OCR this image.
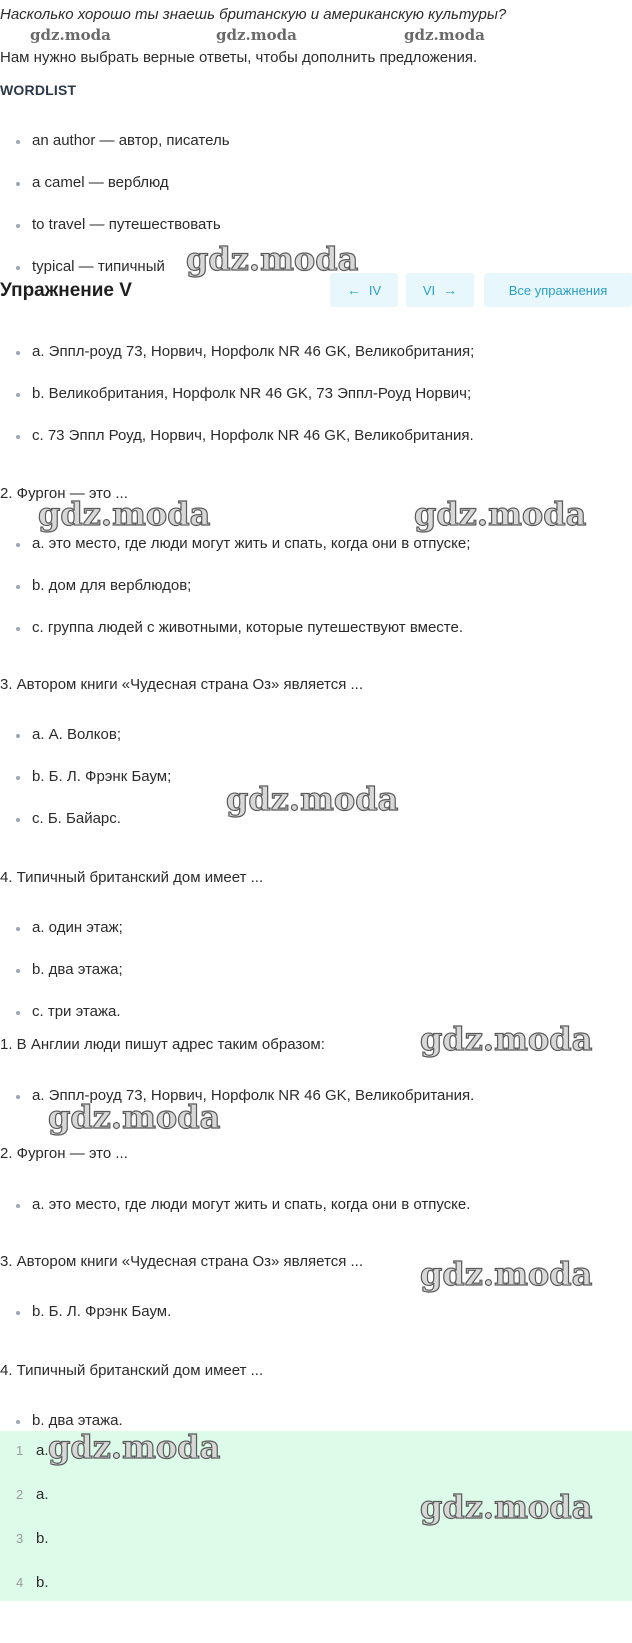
Насколько хорошо ты знаешь британскую и американскую культуры?
gdz.moda	gdz.moda	gdz.moda
Нам нужно выбрать верные ответы, чтобы дополнить предложения.
WORDLIST
an author — автор, писатель
a camel — верблюд
to travel — путешествовать
typical — типичный
Упражнение V	← IV	VI →	Все упражнения
a. Эппл-роуд 73, Норвич, Норфолк NR 46 GK, Великобритания;
b. Великобритания, Норфолк NR 46 GK, 73 Эппл-Роуд Норвич;
c. 73 Эппл Роуд, Норвич, Норфолк NR 46 GK, Великобритания.
2. Фургон — это ...
a. это место, где люди могут жить и спать, когда они в отпуске;
b. дом для верблюдов;
c. группа людей с животными, которые путешествуют вместе.
3. Автором книги «Чудесная страна Оз» является ...
a. А. Волков;
b. Б. Л. Фрэнк Баум;
c. Б. Байарс.
4. Типичный британский дом имеет ...
a. один этаж;
b. два этажа;
c. три этажа.
1. В Англии люди пишут адрес таким образом:
a. Эппл-роуд 73, Норвич, Норфолк NR 46 GK, Великобритания.
2. Фургон — это ...
a. это место, где люди могут жить и спать, когда они в отпуске.
3. Автором книги «Чудесная страна Оз» является ...
b. Б. Л. Фрэнк Баум.
4. Типичный британский дом имеет ...
b. два этажа.
1 a.
2 a.
3 b.
4 b.
gdz.moda
gdz.moda	gdz.moda
gdz.moda
gdz.moda
gdz.moda
gdz.moda
gdz.moda
gdz.moda
